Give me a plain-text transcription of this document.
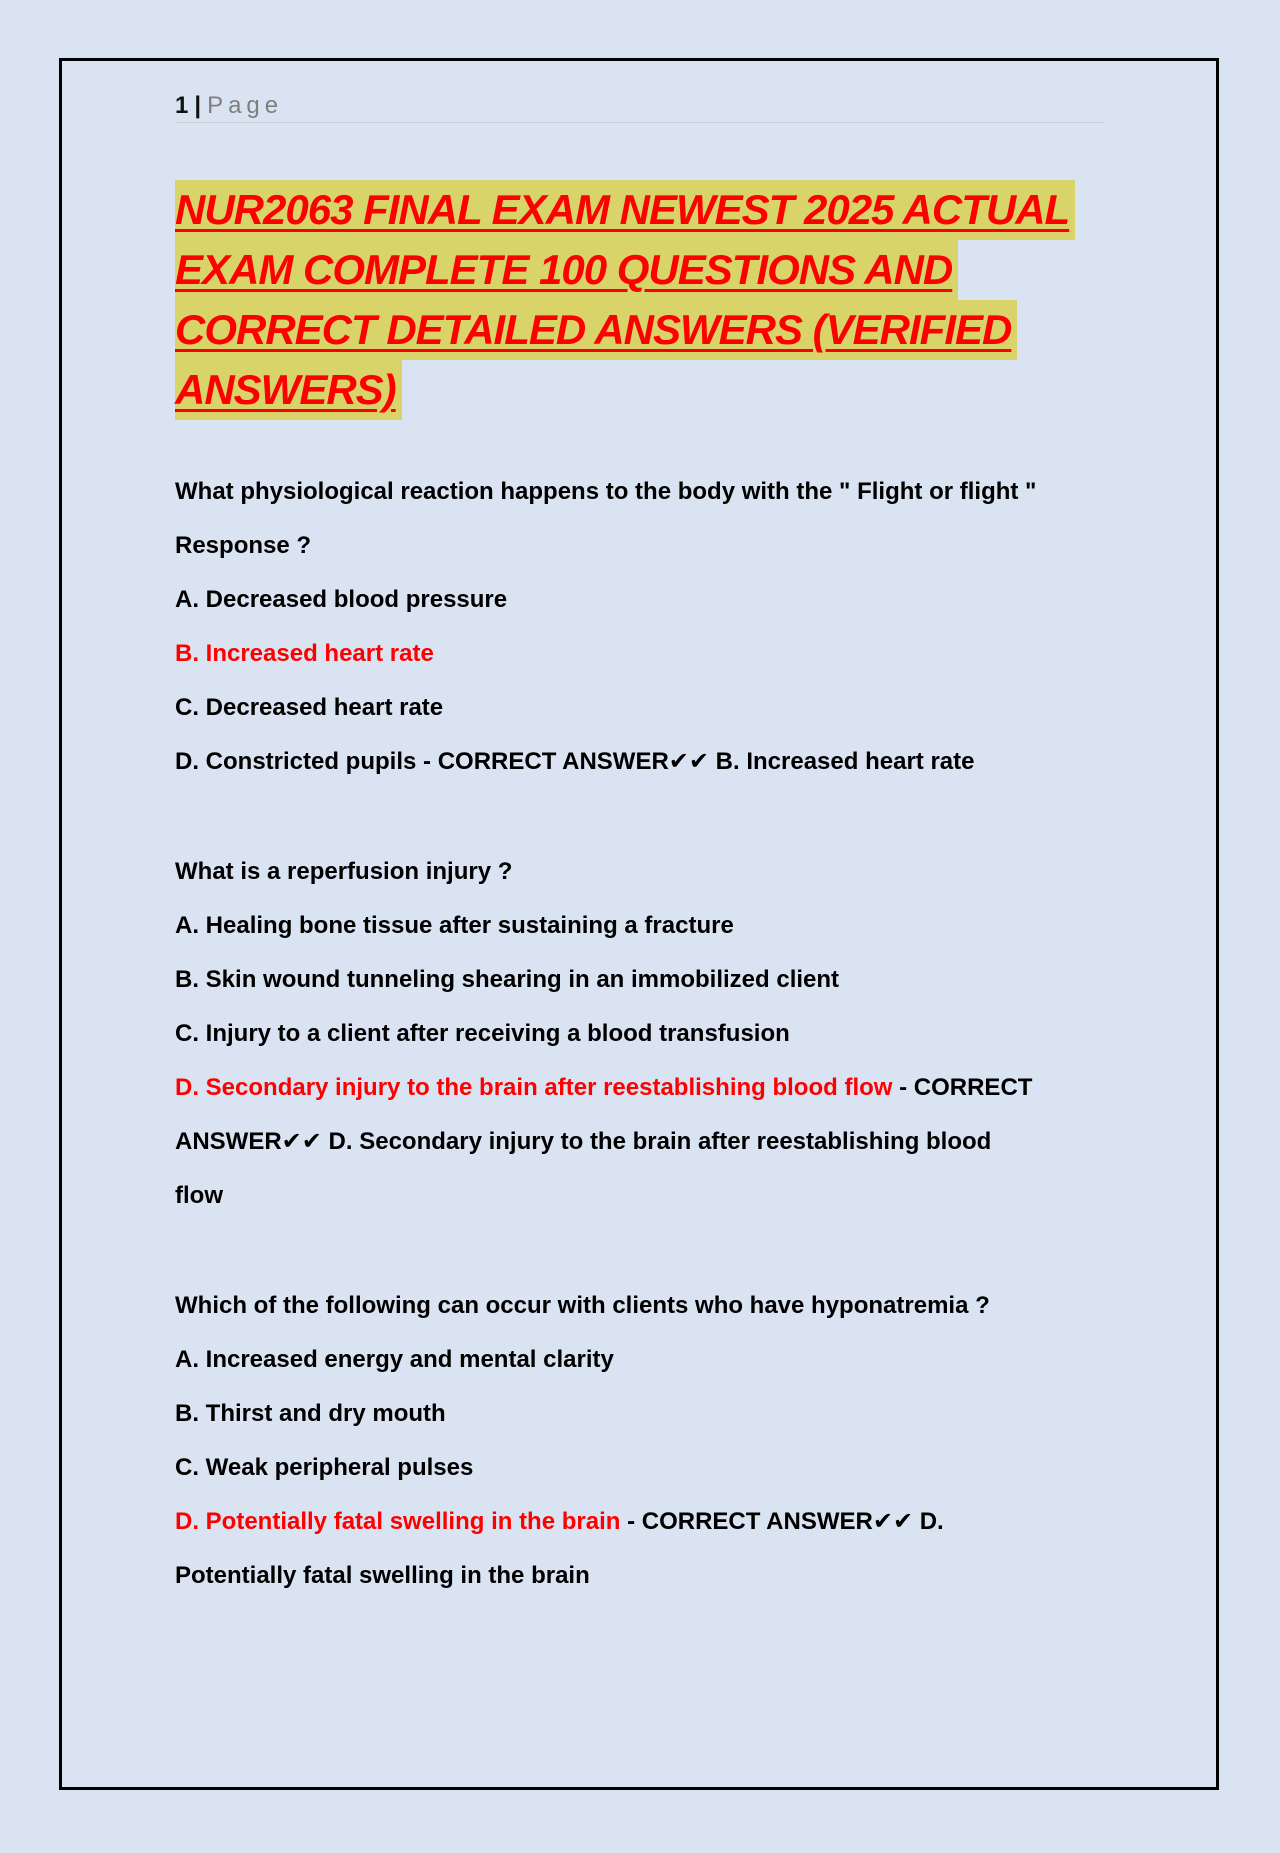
1 | Page
NUR2063 FINAL EXAM NEWEST 2025 ACTUAL
EXAM COMPLETE 100 QUESTIONS AND
CORRECT DETAILED ANSWERS (VERIFIED
ANSWERS)
What physiological reaction happens to the body with the " Flight or flight "
Response ?
A. Decreased blood pressure
B. Increased heart rate
C. Decreased heart rate
D. Constricted pupils - CORRECT ANSWER✔✔ B. Increased heart rate
What is a reperfusion injury ?
A. Healing bone tissue after sustaining a fracture
B. Skin wound tunneling shearing in an immobilized client
C. Injury to a client after receiving a blood transfusion
D. Secondary injury to the brain after reestablishing blood flow - CORRECT
ANSWER✔✔ D. Secondary injury to the brain after reestablishing blood
flow
Which of the following can occur with clients who have hyponatremia ?
A. Increased energy and mental clarity
B. Thirst and dry mouth
C. Weak peripheral pulses
D. Potentially fatal swelling in the brain - CORRECT ANSWER✔✔ D.
Potentially fatal swelling in the brain
